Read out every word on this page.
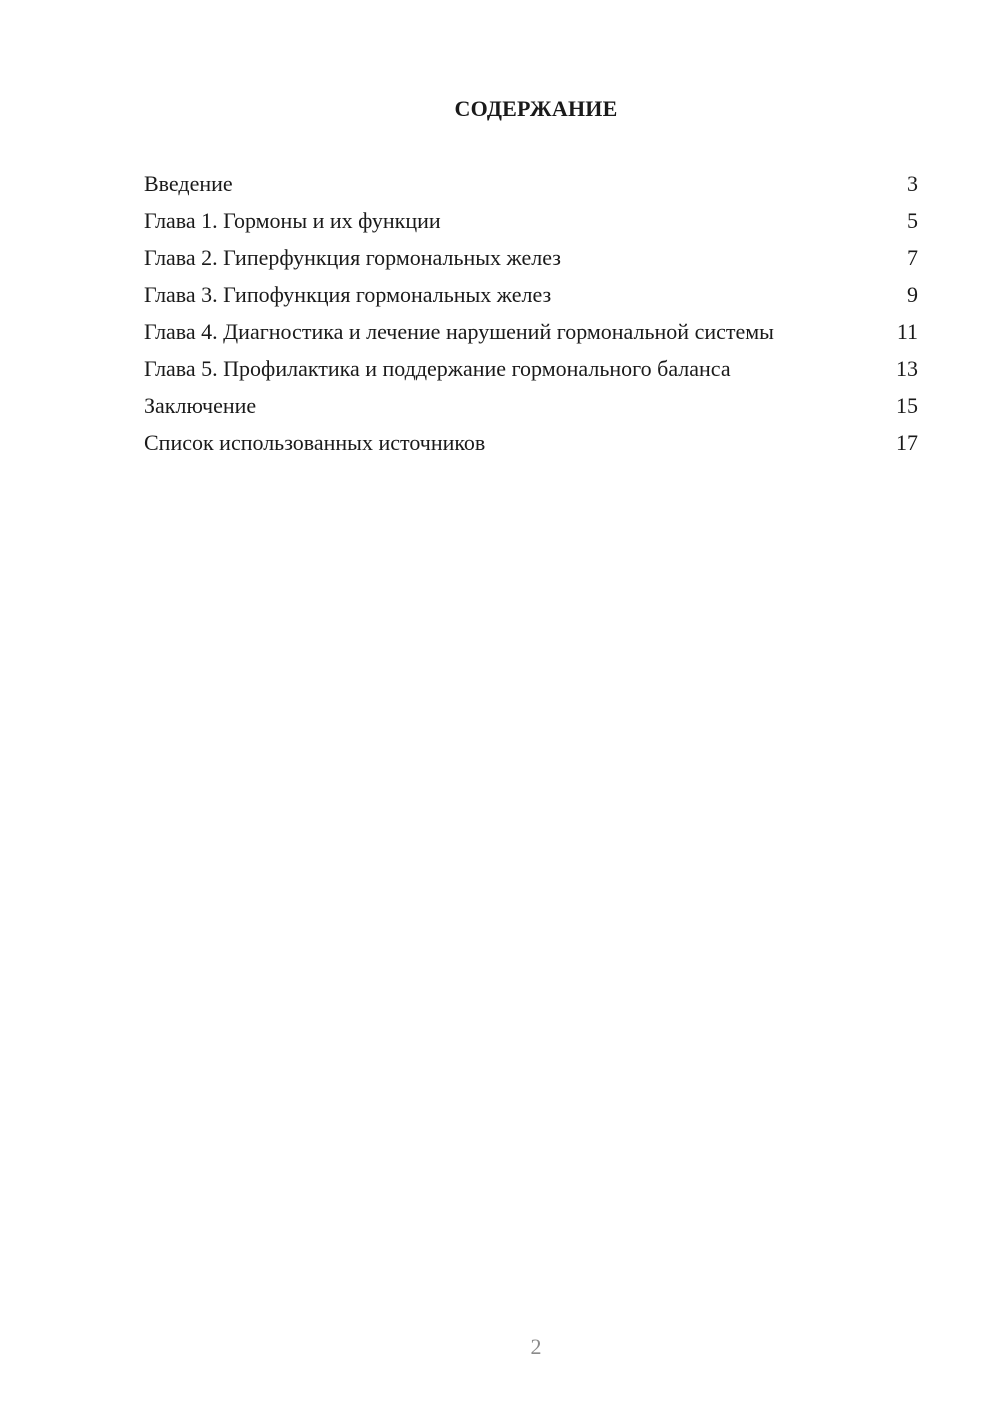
СОДЕРЖАНИЕ
Введение	3
Глава 1. Гормоны и их функции	5
Глава 2. Гиперфункция гормональных желез	7
Глава 3. Гипофункция гормональных желез	9
Глава 4. Диагностика и лечение нарушений гормональной системы	11
Глава 5. Профилактика и поддержание гормонального баланса	13
Заключение	15
Список использованных источников	17
2
